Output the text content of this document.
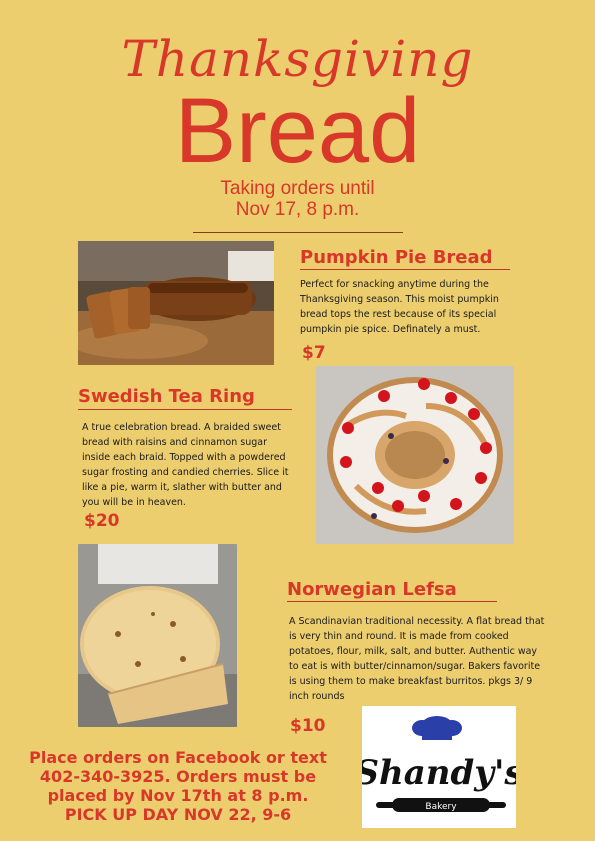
Thanksgiving
Bread
Taking orders until
Nov 17, 8 p.m.
Pumpkin Pie Bread
Perfect for snacking anytime during the Thanksgiving season. This moist pumpkin bread tops the rest because of its special pumpkin pie spice. Definately a must.
$7
Swedish Tea Ring
A true celebration bread. A braided sweet bread with raisins and cinnamon sugar inside each braid. Topped with a powdered sugar frosting and candied cherries. Slice it like a pie, warm it, slather with butter and you will be in heaven.
$20
Norwegian Lefsa
A Scandinavian traditional necessity. A flat bread that is very thin and round. It is made from cooked potatoes, flour, milk, salt, and butter. Authentic way to eat is with butter/cinnamon/sugar. Bakers favorite is using them to make breakfast burritos. pkgs 3/ 9 inch rounds
$10
Place orders on Facebook or text
402-340-3925. Orders must be
placed by Nov 17th at 8 p.m.
PICK UP DAY NOV 22, 9-6
Shandy's
Bakery
